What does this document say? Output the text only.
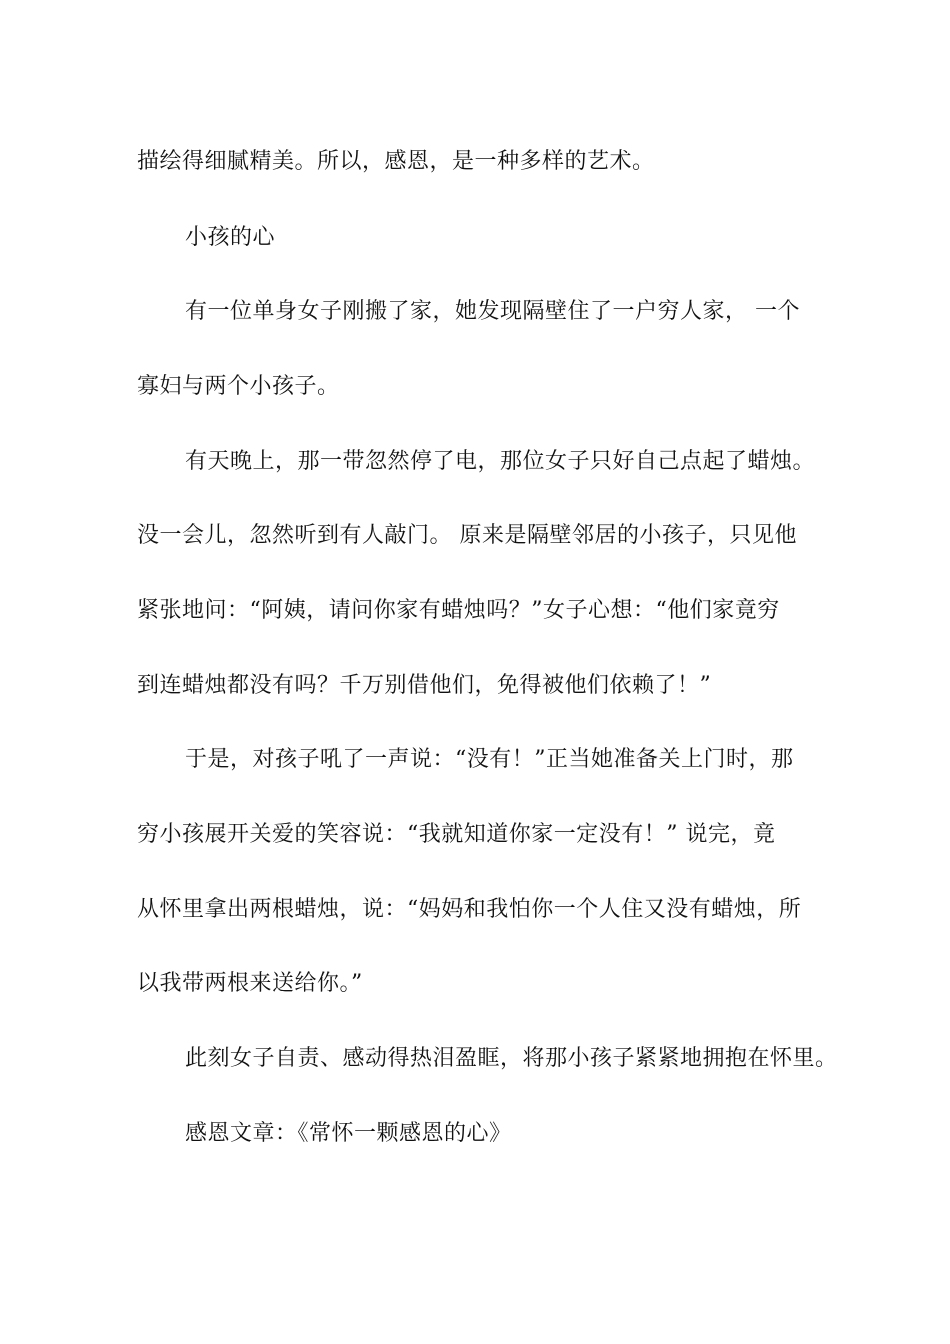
描绘得细腻精美。所以，感恩，是一种多样的艺术。
小孩的心
有一位单身女子刚搬了家，她发现隔壁住了一户穷人家， 一个
寡妇与两个小孩子。
有天晚上，那一带忽然停了电，那位女子只好自己点起了蜡烛。
没一会儿，忽然听到有人敲门。 原来是隔壁邻居的小孩子，只见他
紧张地问：“阿姨，请问你家有蜡烛吗？”女子心想：“他们家竟穷
到连蜡烛都没有吗？千万别借他们，免得被他们依赖了！”
于是，对孩子吼了一声说：“没有！”正当她准备关上门时，那
穷小孩展开关爱的笑容说：“我就知道你家一定没有！” 说完，竟
从怀里拿出两根蜡烛，说：“妈妈和我怕你一个人住又没有蜡烛，所
以我带两根来送给你。”
此刻女子自责、感动得热泪盈眶，将那小孩子紧紧地拥抱在怀里。
感恩文章：《常怀一颗感恩的心》
